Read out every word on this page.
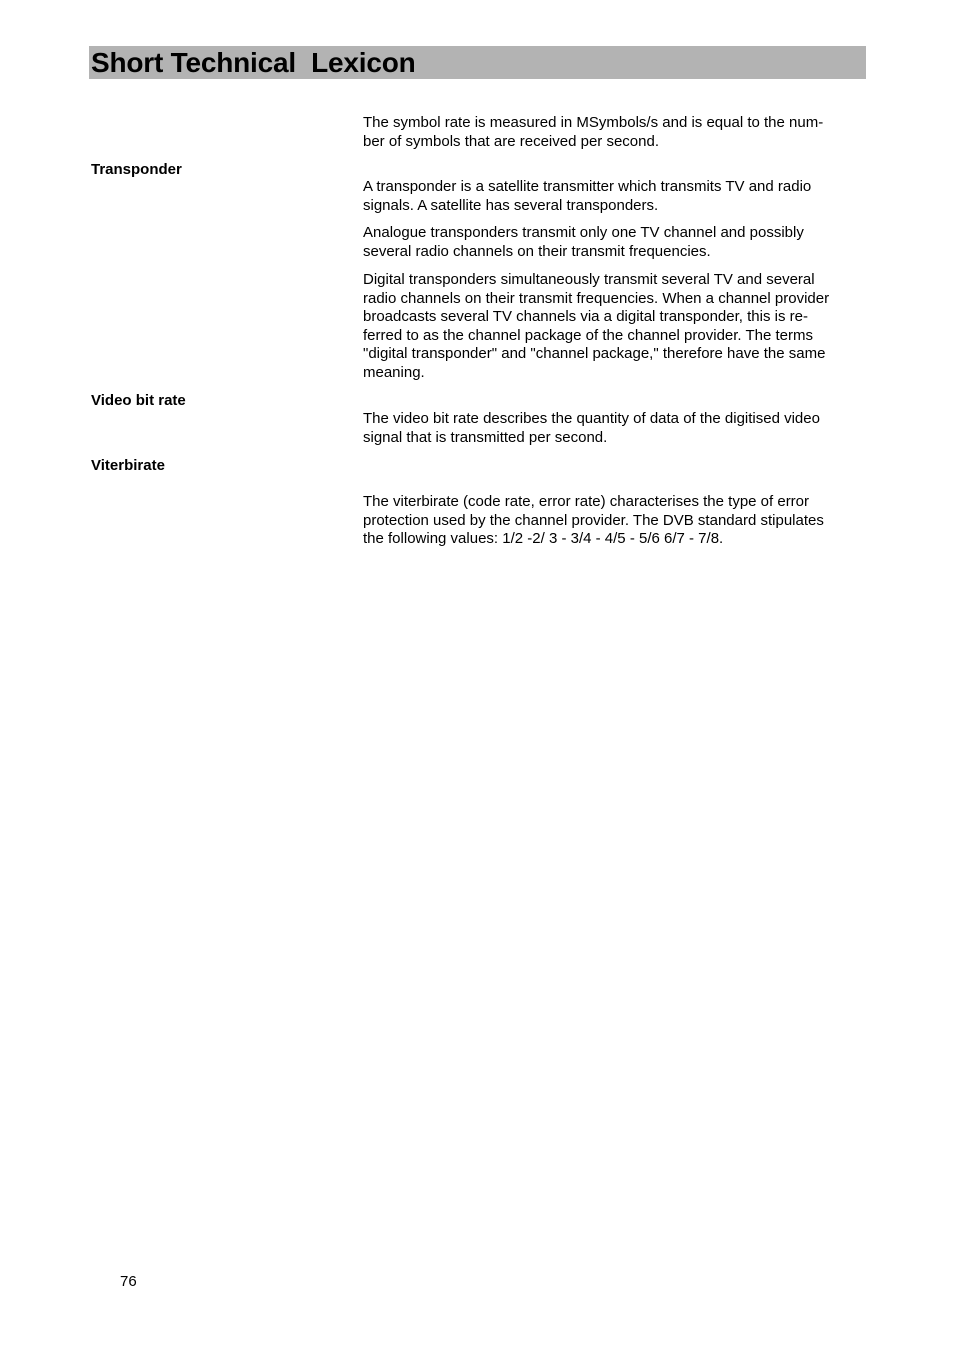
Short Technical  Lexicon
The symbol rate is measured in MSymbols/s and is equal to the num-
ber of symbols that are received per second.
Transponder
A transponder is a satellite transmitter which transmits TV and radio
signals. A satellite has several transponders.
Analogue transponders transmit only one TV channel and possibly
several radio channels on their transmit frequencies.
Digital transponders simultaneously transmit several TV and several
radio channels on their transmit frequencies. When a channel provider
broadcasts several TV channels via a digital transponder, this is re-
ferred to as the channel package of the channel provider. The terms
"digital transponder" and "channel package," therefore have the same
meaning.
Video bit rate
The video bit rate describes the quantity of data of the digitised video
signal that is transmitted per second.
Viterbirate
The viterbirate (code rate, error rate) characterises the type of error
protection used by the channel provider. The DVB standard stipulates
the following values: 1/2 -2/ 3 - 3/4 - 4/5 - 5/6 6/7 - 7/8.
76
